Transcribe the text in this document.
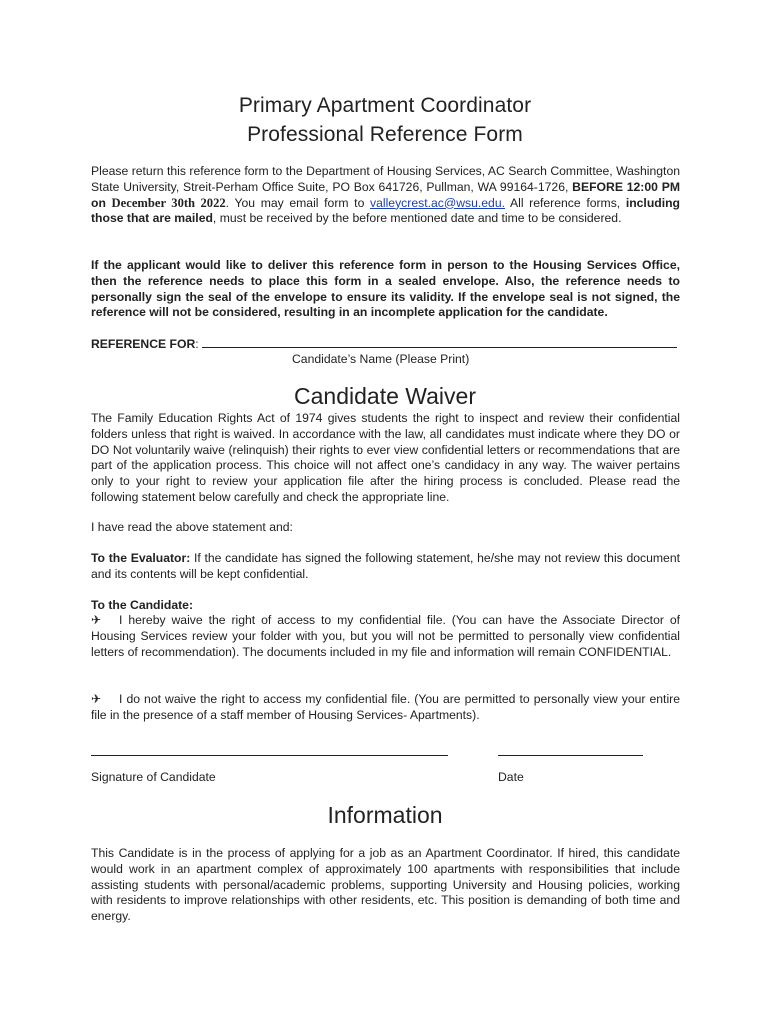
Primary Apartment Coordinator
Professional Reference Form

Please return this reference form to the Department of Housing Services, AC Search Committee, Washington State University, Streit-Perham Office Suite, PO Box 641726, Pullman, WA 99164-1726, BEFORE 12:00 PM on December 30th 2022. You may email form to valleycrest.ac@wsu.edu. All reference forms, including those that are mailed, must be received by the before mentioned date and time to be considered.

If the applicant would like to deliver this reference form in person to the Housing Services Office, then the reference needs to place this form in a sealed envelope. Also, the reference needs to personally sign the seal of the envelope to ensure its validity. If the envelope seal is not signed, the reference will not be considered, resulting in an incomplete application for the candidate.

REFERENCE FOR:

Candidate’s Name (Please Print)

Candidate Waiver

The Family Education Rights Act of 1974 gives students the right to inspect and review their confidential folders unless that right is waived. In accordance with the law, all candidates must indicate where they DO or DO Not voluntarily waive (relinquish) their rights to ever view confidential letters or recommendations that are part of the application process. This choice will not affect one’s candidacy in any way. The waiver pertains only to your right to review your application file after the hiring process is concluded. Please read the following statement below carefully and check the appropriate line.

I have read the above statement and:

To the Evaluator: If the candidate has signed the following statement, he/she may not review this document and its contents will be kept confidential.

To the Candidate:

✈ I hereby waive the right of access to my confidential file. (You can have the Associate Director of Housing Services review your folder with you, but you will not be permitted to personally view confidential letters of recommendation). The documents included in my file and information will remain CONFIDENTIAL.

✈ I do not waive the right to access my confidential file. (You are permitted to personally view your entire file in the presence of a staff member of Housing Services- Apartments).

Signature of Candidate	Date

Information

This Candidate is in the process of applying for a job as an Apartment Coordinator. If hired, this candidate would work in an apartment complex of approximately 100 apartments with responsibilities that include assisting students with personal/academic problems, supporting University and Housing policies, working with residents to improve relationships with other residents, etc. This position is demanding of both time and energy.
